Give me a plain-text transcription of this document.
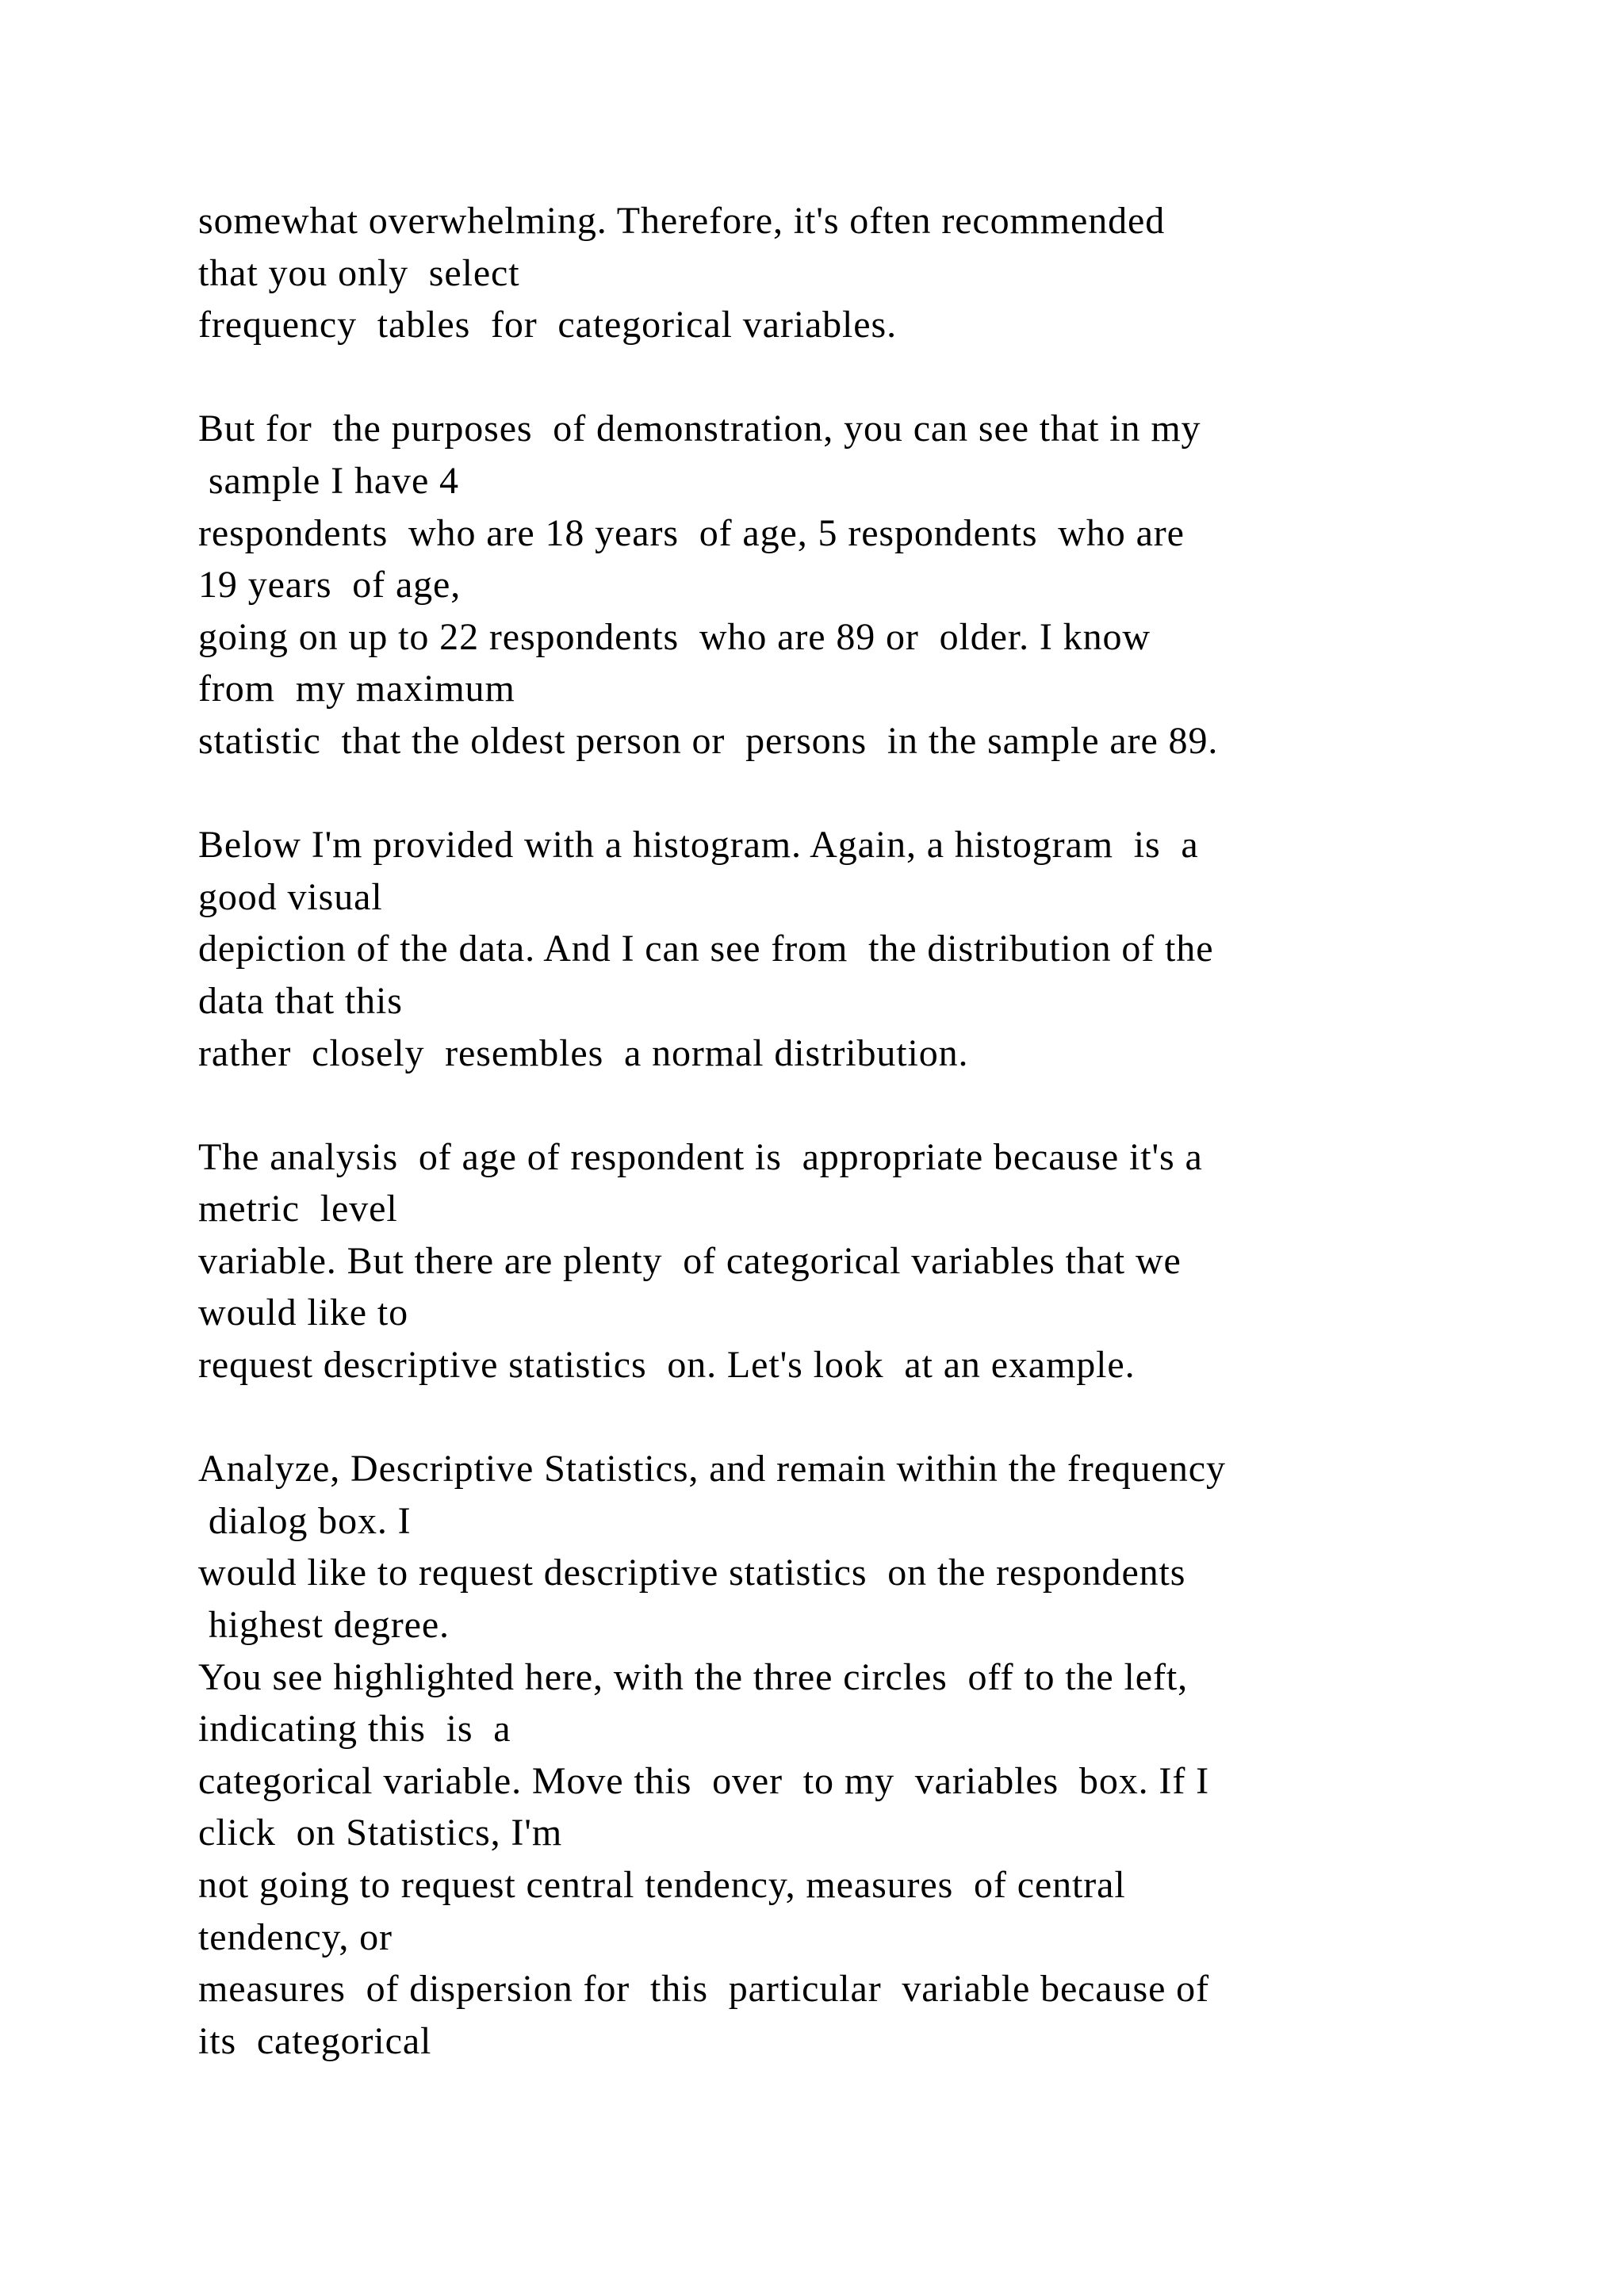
somewhat overwhelming. Therefore, it's often recommended
that you only  select
frequency  tables  for  categorical variables.
But for  the purposes  of demonstration, you can see that in my
sample I have 4
respondents  who are 18 years  of age, 5 respondents  who are
19 years  of age,
going on up to 22 respondents  who are 89 or  older. I know
from  my maximum
statistic  that the oldest person or  persons  in the sample are 89.
Below I'm provided with a histogram. Again, a histogram  is  a
good visual
depiction of the data. And I can see from  the distribution of the
data that this
rather  closely  resembles  a normal distribution.
The analysis  of age of respondent is  appropriate because it's a
metric  level
variable. But there are plenty  of categorical variables that we
would like to
request descriptive statistics  on. Let's look  at an example.
Analyze, Descriptive Statistics, and remain within the frequency
dialog box. I
would like to request descriptive statistics  on the respondents
highest degree.
You see highlighted here, with the three circles  off to the left,
indicating this  is  a
categorical variable. Move this  over  to my  variables  box. If I
click  on Statistics, I'm
not going to request central tendency, measures  of central
tendency, or
measures  of dispersion for  this  particular  variable because of
its  categorical
